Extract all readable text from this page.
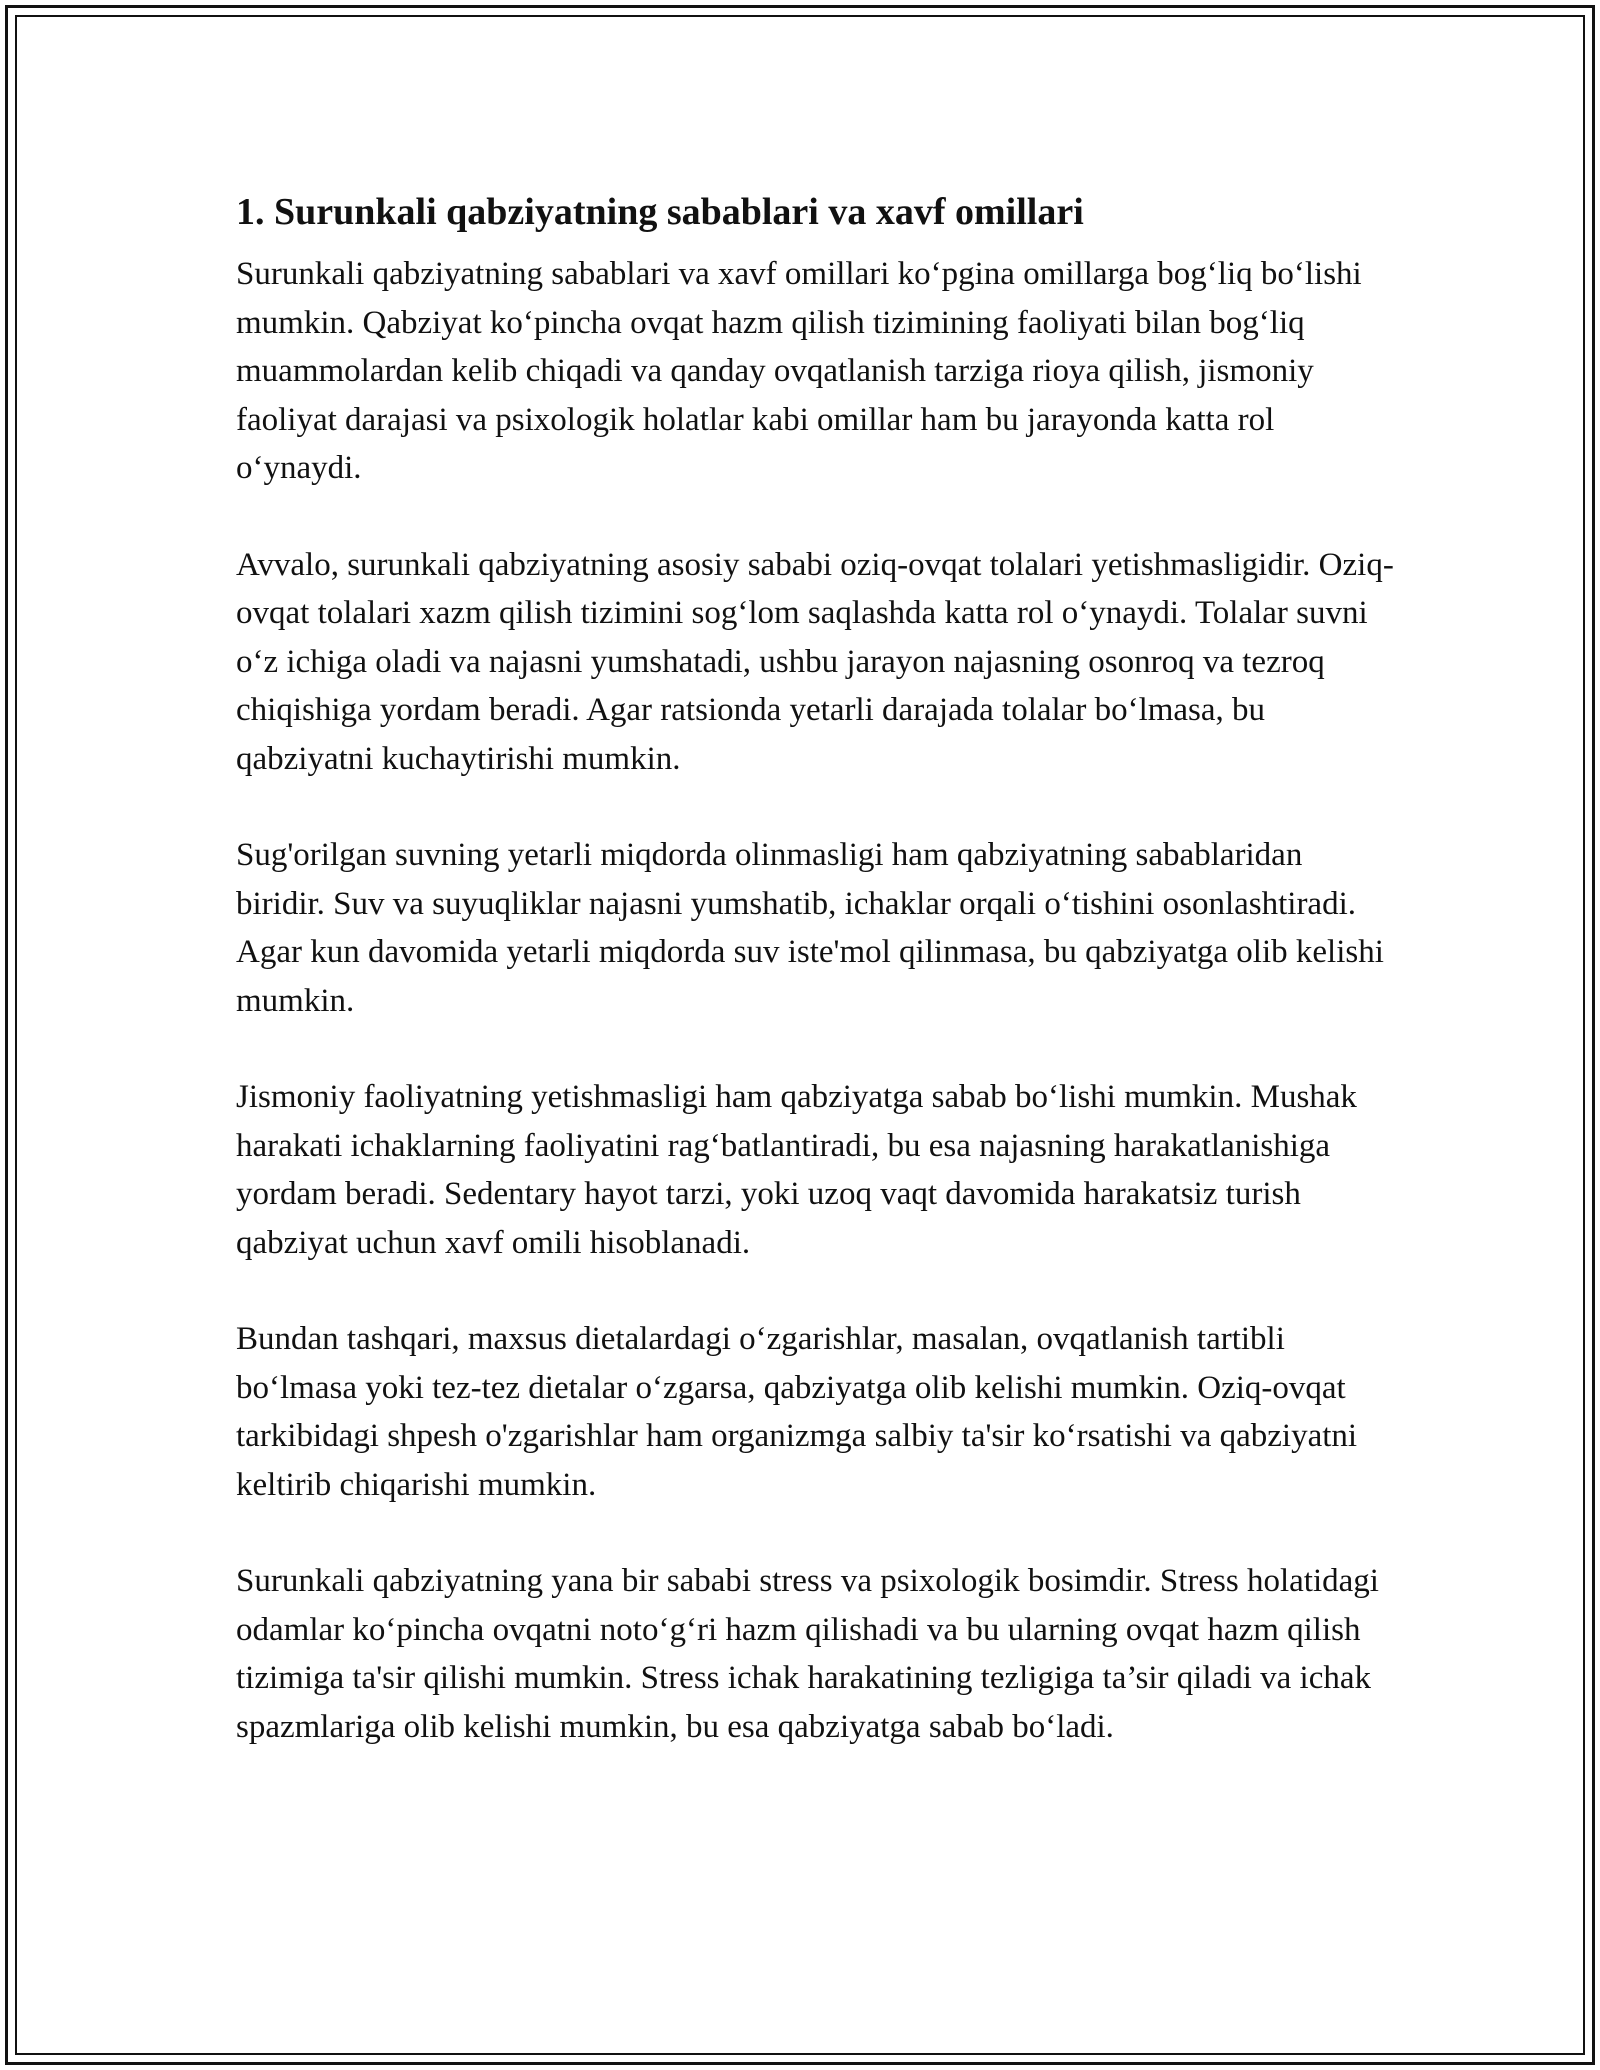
1. Surunkali qabziyatning sabablari va xavf omillari

Surunkali qabziyatning sabablari va xavf omillari ko‘pgina omillarga bog‘liq bo‘lishi mumkin. Qabziyat ko‘pincha ovqat hazm qilish tizimining faoliyati bilan bog‘liq muammolardan kelib chiqadi va qanday ovqatlanish tarziga rioya qilish, jismoniy faoliyat darajasi va psixologik holatlar kabi omillar ham bu jarayonda katta rol o‘ynaydi.

Avvalo, surunkali qabziyatning asosiy sababi oziq-ovqat tolalari yetishmasligidir. Oziq-ovqat tolalari xazm qilish tizimini sog‘lom saqlashda katta rol o‘ynaydi. Tolalar suvni o‘z ichiga oladi va najasni yumshatadi, ushbu jarayon najasning osonroq va tezroq chiqishiga yordam beradi. Agar ratsionda yetarli darajada tolalar bo‘lmasa, bu qabziyatni kuchaytirishi mumkin.

Sug'orilgan suvning yetarli miqdorda olinmasligi ham qabziyatning sabablaridan biridir. Suv va suyuqliklar najasni yumshatib, ichaklar orqali o‘tishini osonlashtiradi. Agar kun davomida yetarli miqdorda suv iste'mol qilinmasa, bu qabziyatga olib kelishi mumkin.

Jismoniy faoliyatning yetishmasligi ham qabziyatga sabab bo‘lishi mumkin. Mushak harakati ichaklarning faoliyatini rag‘batlantiradi, bu esa najasning harakatlanishiga yordam beradi. Sedentary hayot tarzi, yoki uzoq vaqt davomida harakatsiz turish qabziyat uchun xavf omili hisoblanadi.

Bundan tashqari, maxsus dietalardagi o‘zgarishlar, masalan, ovqatlanish tartibli bo‘lmasa yoki tez-tez dietalar o‘zgarsa, qabziyatga olib kelishi mumkin. Oziq-ovqat tarkibidagi shpesh o'zgarishlar ham organizmga salbiy ta'sir ko‘rsatishi va qabziyatni keltirib chiqarishi mumkin.

Surunkali qabziyatning yana bir sababi stress va psixologik bosimdir. Stress holatidagi odamlar ko‘pincha ovqatni noto‘g‘ri hazm qilishadi va bu ularning ovqat hazm qilish tizimiga ta'sir qilishi mumkin. Stress ichak harakatining tezligiga ta’sir qiladi va ichak spazmlariga olib kelishi mumkin, bu esa qabziyatga sabab bo‘ladi.
